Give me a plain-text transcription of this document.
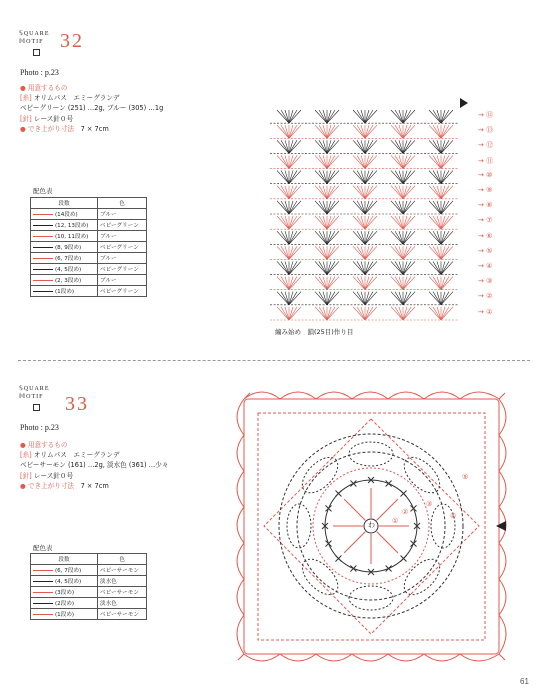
𝕊QUARE
𝕄OTIF 32
Photo : p.23
● 用意するもの
[糸] オリムパス　エミーグランデ
ベビーグリーン (251) …2g, ブルー (305) …1g
[針] レース針０号
● でき上がり寸法　 7 × 7cm
配色表
段数	色
(14段め)	ブルー
(12, 13段め)	ベビーグリーン
(10, 11段め)	ブルー
(8, 9段め)	ベビーグリーン
(6, 7段め)	ブルー
(4, 5段め)	ベビーグリーン
(2, 3段め)	ブルー
(1段め)	ベビーグリーン
→ ⑭
→ ⑬
→ ⑫
→ ⑪
→ ⑩
→ ⑨
→ ⑧
→ ⑦
→ ⑥
→ ⑤
→ ④
→ ③
→ ②
→ ①
編み始め　鎖(25目)作り目
𝕊QUARE
𝕄OTIF 33
Photo : p.23
● 用意するもの
[糸] オリムパス　エミーグランデ
ベビーサーモン (161) …2g, 淡水色 (361) …少々
[針] レース針０号
● でき上がり寸法　 7 × 7cm
配色表
段数	色
(6, 7段め)	ベビーサーモン
(4, 5段め)	淡水色
(3段め)	ベビーサーモン
(2段め)	淡水色
(1段め)	ベビーサーモン
わ ①
②
③
④
⑤
61
